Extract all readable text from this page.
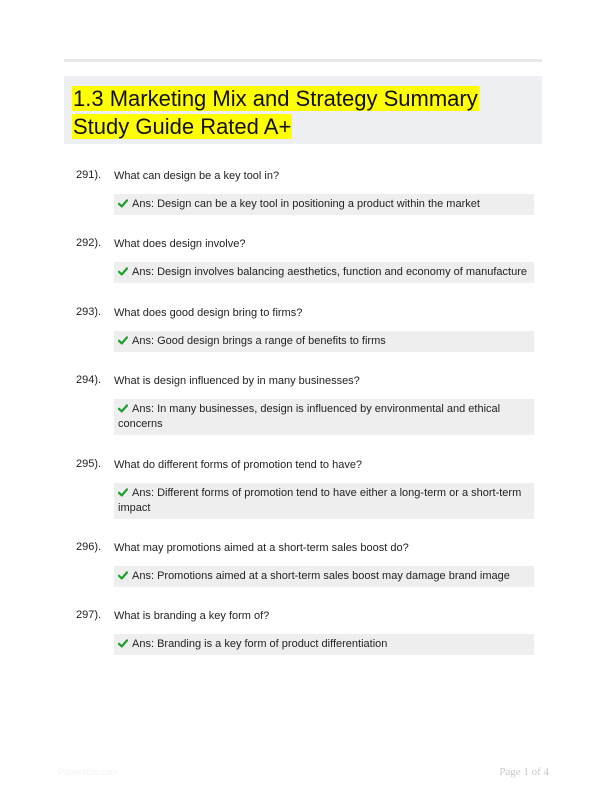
1.3 Marketing Mix and Strategy Summary Study Guide Rated A+
291). What can design be a key tool in?
Ans: Design can be a key tool in positioning a product within the market
292). What does design involve?
Ans: Design involves balancing aesthetics, function and economy of manufacture
293). What does good design bring to firms?
Ans: Good design brings a range of benefits to firms
294). What is design influenced by in many businesses?
Ans: In many businesses, design is influenced by environmental and ethical concerns
295). What do different forms of promotion tend to have?
Ans: Different forms of promotion tend to have either a long-term or a short-term impact
296). What may promotions aimed at a short-term sales boost do?
Ans: Promotions aimed at a short-term sales boost may damage brand image
297). What is branding a key form of?
Ans: Branding is a key form of product differentiation
Paperstbc.com	Page 1 of 4
